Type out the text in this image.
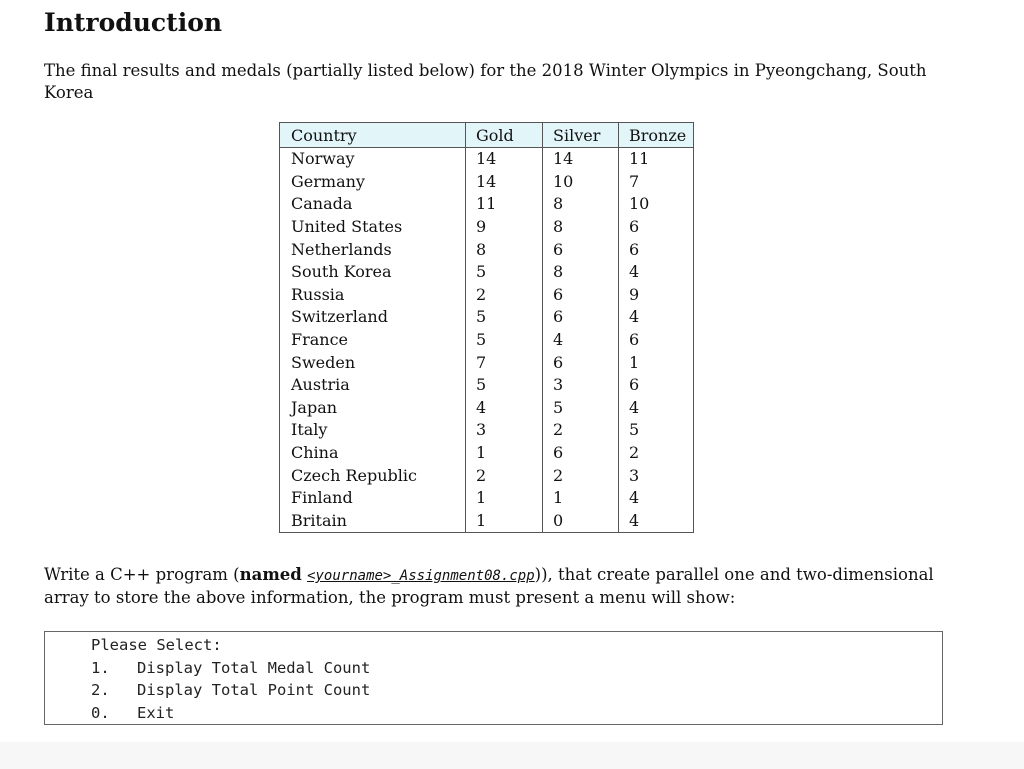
Introduction

The final results and medals (partially listed below) for the 2018 Winter Olympics in Pyeongchang, South Korea

Country	Gold	Silver	Bronze
Norway	14	14	11
Germany	14	10	7
Canada	11	8	10
United States	9	8	6
Netherlands	8	6	6
South Korea	5	8	4
Russia	2	6	9
Switzerland	5	6	4
France	5	4	6
Sweden	7	6	1
Austria	5	3	6
Japan	4	5	4
Italy	3	2	5
China	1	6	2
Czech Republic	2	2	3
Finland	1	1	4
Britain	1	0	4

Write a C++ program (named <yourname>_Assignment08.cpp)), that create parallel one and two-dimensional array to store the above information, the program must present a menu will show:

Please Select:
1. Display Total Medal Count
2. Display Total Point Count
0. Exit
